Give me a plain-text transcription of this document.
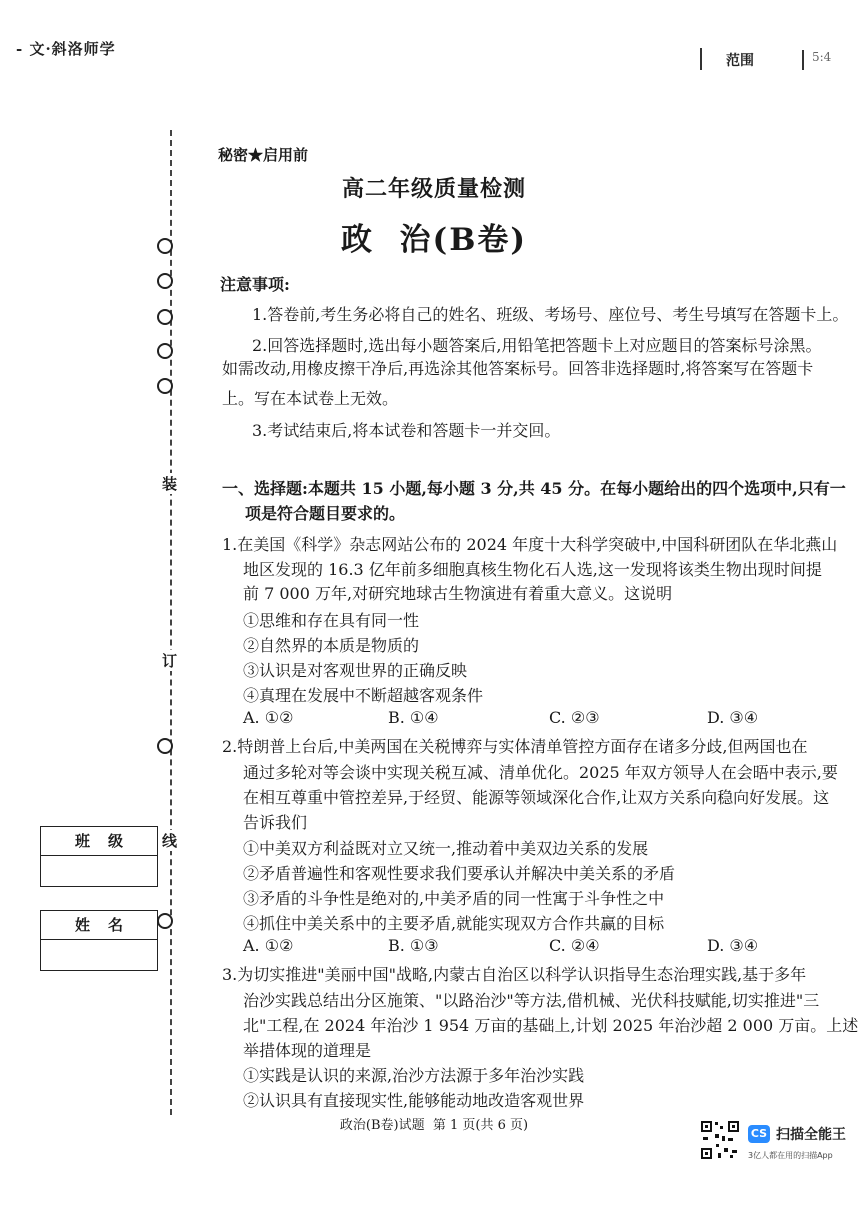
- 文·斜洛师学
范围	5:4
装
订
线
班级
姓名
秘密★启用前
高二年级质量检测
政  治(B卷)
注意事项:
1.答卷前,考生务必将自己的姓名、班级、考场号、座位号、考生号填写在答题卡上。
2.回答选择题时,选出每小题答案后,用铅笔把答题卡上对应题目的答案标号涂黑。
如需改动,用橡皮擦干净后,再选涂其他答案标号。回答非选择题时,将答案写在答题卡
上。写在本试卷上无效。
3.考试结束后,将本试卷和答题卡一并交回。
一、选择题:本题共 15 小题,每小题 3 分,共 45 分。在每小题给出的四个选项中,只有一
项是符合题目要求的。
1.在美国《科学》杂志网站公布的 2024 年度十大科学突破中,中国科研团队在华北燕山
地区发现的 16.3 亿年前多细胞真核生物化石人选,这一发现将该类生物出现时间提
前 7 000 万年,对研究地球古生物演进有着重大意义。这说明
①思维和存在具有同一性
②自然界的本质是物质的
③认识是对客观世界的正确反映
④真理在发展中不断超越客观条件
A. ①②	B. ①④	C. ②③	D. ③④
2.特朗普上台后,中美两国在关税博弈与实体清单管控方面存在诸多分歧,但两国也在
通过多轮对等会谈中实现关税互减、清单优化。2025 年双方领导人在会晤中表示,要
在相互尊重中管控差异,于经贸、能源等领域深化合作,让双方关系向稳向好发展。这
告诉我们
①中美双方利益既对立又统一,推动着中美双边关系的发展
②矛盾普遍性和客观性要求我们要承认并解决中美关系的矛盾
③矛盾的斗争性是绝对的,中美矛盾的同一性寓于斗争性之中
④抓住中美关系中的主要矛盾,就能实现双方合作共赢的目标
A. ①②	B. ①③	C. ②④	D. ③④
3.为切实推进"美丽中国"战略,内蒙古自治区以科学认识指导生态治理实践,基于多年
治沙实践总结出分区施策、"以路治沙"等方法,借机械、光伏科技赋能,切实推进"三
北"工程,在 2024 年治沙 1 954 万亩的基础上,计划 2025 年治沙超 2 000 万亩。上述
举措体现的道理是
①实践是认识的来源,治沙方法源于多年治沙实践
②认识具有直接现实性,能够能动地改造客观世界
政治(B卷)试题  第 1 页(共 6 页)
CS 扫描全能王
3亿人都在用的扫描App
